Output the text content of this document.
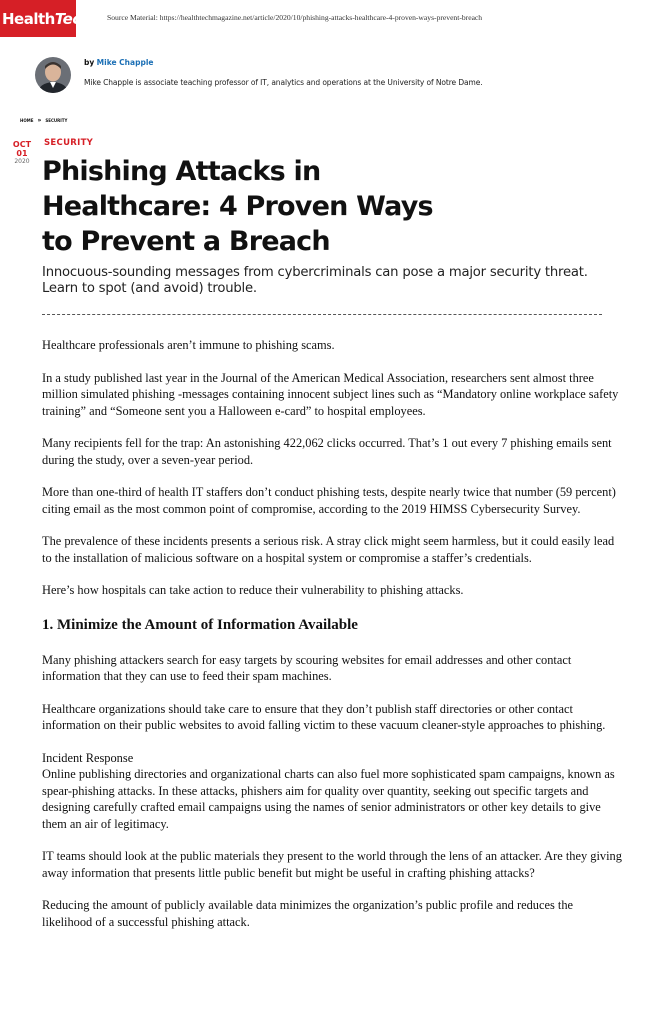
Health Tech Source Material: https://healthtechmagazine.net/article/2020/10/phishing-attacks-healthcare-4-proven-ways-prevent-breach
by Mike Chapple
Mike Chapple is associate teaching professor of IT, analytics and operations at the University of Notre Dame.
HOME » SECURITY
OCT
01
2020
SECURITY
Phishing Attacks in Healthcare: 4 Proven Ways to Prevent a Breach

Innocuous-sounding messages from cybercriminals can pose a major security threat. Learn to spot (and avoid) trouble.

Healthcare professionals aren’t immune to phishing scams.

In a study published last year in the Journal of the American Medical Association, researchers sent almost three million simulated phishing -messages containing innocent subject lines such as “Mandatory online workplace safety training” and “Someone sent you a Halloween e-card” to hospital employees.

Many recipients fell for the trap: An astonishing 422,062 clicks occurred. That’s 1 out every 7 phishing emails sent during the study, over a seven-year period.

More than one-third of health IT staffers don’t conduct phishing tests, despite nearly twice that number (59 percent) citing email as the most common point of compromise, according to the 2019 HIMSS Cybersecurity Survey.

The prevalence of these incidents presents a serious risk. A stray click might seem harmless, but it could easily lead to the installation of malicious software on a hospital system or compromise a staffer’s credentials.

Here’s how hospitals can take action to reduce their vulnerability to phishing attacks.

1. Minimize the Amount of Information Available

Many phishing attackers search for easy targets by scouring websites for email addresses and other contact information that they can use to feed their spam machines.

Healthcare organizations should take care to ensure that they don’t publish staff directories or other contact information on their public websites to avoid falling victim to these vacuum cleaner-style approaches to phishing.

Incident Response

Online publishing directories and organizational charts can also fuel more sophisticated spam campaigns, known as spear-phishing attacks. In these attacks, phishers aim for quality over quantity, seeking out specific targets and designing carefully crafted email campaigns using the names of senior administrators or other key details to give them an air of legitimacy.

IT teams should look at the public materials they present to the world through the lens of an attacker. Are they giving away information that presents little public benefit but might be useful in crafting phishing attacks?

Reducing the amount of publicly available data minimizes the organization’s public profile and reduces the likelihood of a successful phishing attack.
